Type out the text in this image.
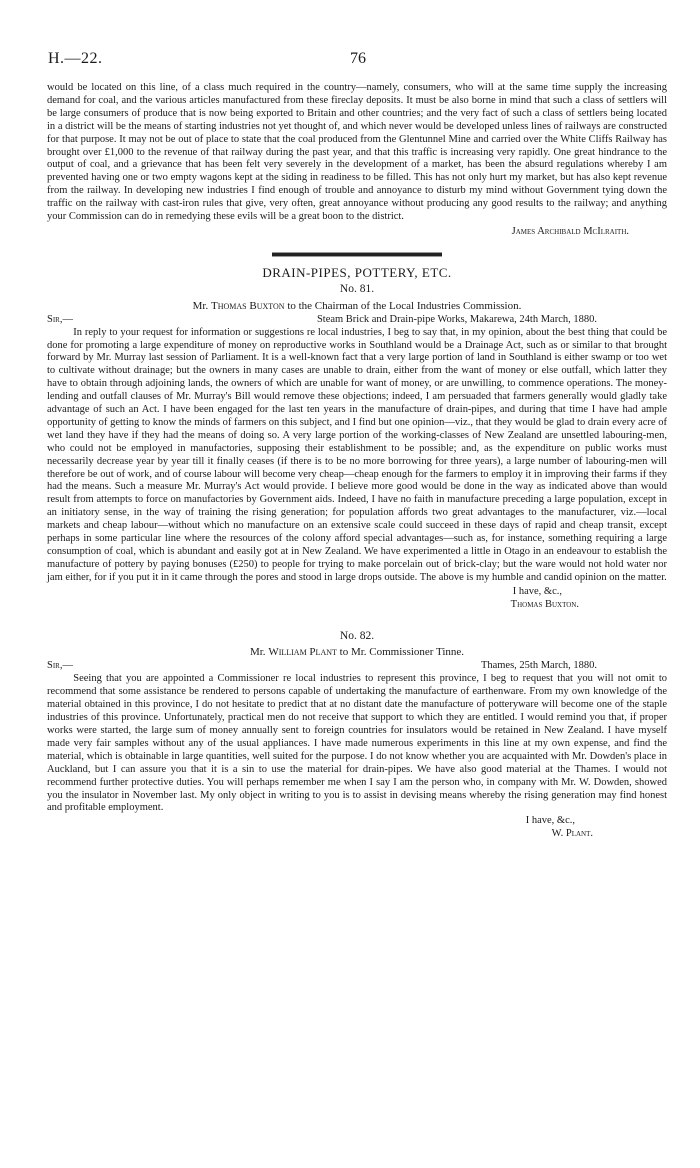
H.—22.	76

would be located on this line, of a class much required in the country—namely, consumers, who will at the same time supply the increasing demand for coal, and the various articles manufactured from these fireclay deposits. It must be also borne in mind that such a class of settlers will be large consumers of produce that is now being exported to Britain and other countries; and the very fact of such a class of settlers being located in a district will be the means of starting industries not yet thought of, and which never would be developed unless lines of railways are constructed for that purpose. It may not be out of place to state that the coal produced from the Glentunnel Mine and carried over the White Cliffs Railway has brought over £1,000 to the revenue of that railway during the past year, and that this traffic is increasing very rapidly. One great hindrance to the output of coal, and a grievance that has been felt very severely in the development of a market, has been the absurd regulations whereby I am prevented having one or two empty wagons kept at the siding in readiness to be filled. This has not only hurt my market, but has also kept revenue from the railway. In developing new industries I find enough of trouble and annoyance to disturb my mind without Government tying down the traffic on the railway with cast-iron rules that give, very often, great annoyance without producing any good results to the railway; and anything your Commission can do in remedying these evils will be a great boon to the district.

James Archibald McIlraith.

DRAIN-PIPES, POTTERY, ETC.
No. 81.
Mr. Thomas Buxton to the Chairman of the Local Industries Commission.
Sir,—	Steam Brick and Drain-pipe Works, Makarewa, 24th March, 1880.

In reply to your request for information or suggestions re local industries, I beg to say that, in my opinion, about the best thing that could be done for promoting a large expenditure of money on reproductive works in Southland would be a Drainage Act, such as or similar to that brought forward by Mr. Murray last session of Parliament. It is a well-known fact that a very large portion of land in Southland is either swamp or too wet to cultivate without drainage; but the owners in many cases are unable to drain, either from the want of money or else outfall, which latter they have to obtain through adjoining lands, the owners of which are unable for want of money, or are unwilling, to commence operations. The money-lending and outfall clauses of Mr. Murray's Bill would remove these objections; indeed, I am persuaded that farmers generally would gladly take advantage of such an Act. I have been engaged for the last ten years in the manufacture of drain-pipes, and during that time I have had ample opportunity of getting to know the minds of farmers on this subject, and I find but one opinion—viz., that they would be glad to drain every acre of wet land they have if they had the means of doing so. A very large portion of the working-classes of New Zealand are unsettled labouring-men, who could not be employed in manufactories, supposing their establishment to be possible; and, as the expenditure on public works must necessarily decrease year by year till it finally ceases (if there is to be no more borrowing for three years), a large number of labouring-men will therefore be out of work, and of course labour will become very cheap—cheap enough for the farmers to employ it in improving their farms if they had the means. Such a measure Mr. Murray's Act would provide. I believe more good would be done in the way as indicated above than would result from attempts to force on manufactories by Government aids. Indeed, I have no faith in manufacture preceding a large population, except in an initiatory sense, in the way of training the rising generation; for population affords two great advantages to the manufacturer, viz.—local markets and cheap labour—without which no manufacture on an extensive scale could succeed in these days of rapid and cheap transit, except perhaps in some particular line where the resources of the colony afford special advantages—such as, for instance, something requiring a large consumption of coal, which is abundant and easily got at in New Zealand. We have experimented a little in Otago in an endeavour to establish the manufacture of pottery by paying bonuses (£250) to people for trying to make porcelain out of brick-clay; but the ware would not hold water nor jam either, for if you put it in it came through the pores and stood in large drops outside. The above is my humble and candid opinion on the matter.

I have, &c.,

Thomas Buxton.

No. 82.
Mr. William Plant to Mr. Commissioner Tinne.
Sir,—	Thames, 25th March, 1880.

Seeing that you are appointed a Commissioner re local industries to represent this province, I beg to request that you will not omit to recommend that some assistance be rendered to persons capable of undertaking the manufacture of earthenware. From my own knowledge of the material obtained in this province, I do not hesitate to predict that at no distant date the manufacture of potteryware will become one of the staple industries of this province. Unfortunately, practical men do not receive that support to which they are entitled. I would remind you that, if proper works were started, the large sum of money annually sent to foreign countries for insulators would be retained in New Zealand. I have myself made very fair samples without any of the usual appliances. I have made numerous experiments in this line at my own expense, and find the material, which is obtainable in large quantities, well suited for the purpose. I do not know whether you are acquainted with Mr. Dowden's place in Auckland, but I can assure you that it is a sin to use the material for drain-pipes. We have also good material at the Thames. I would not recommend further protective duties. You will perhaps remember me when I say I am the person who, in company with Mr. W. Dowden, showed you the insulator in November last. My only object in writing to you is to assist in devising means whereby the rising generation may find honest and profitable employment.

I have, &c.,

W. Plant.
